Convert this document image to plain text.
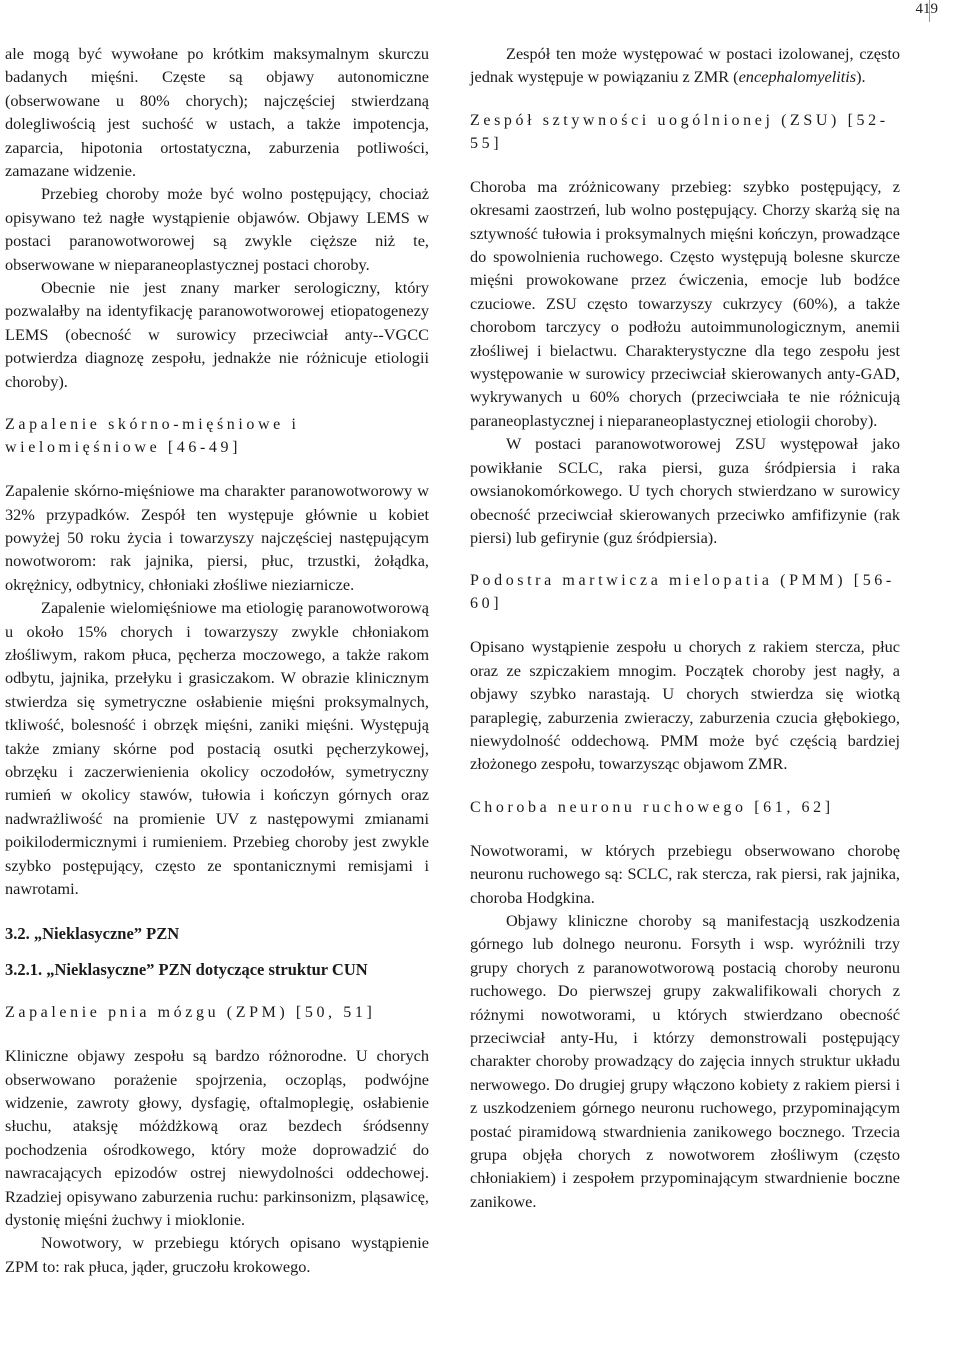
419

ale mogą być wywołane po krótkim maksymalnym skurczu badanych mięśni. Częste są objawy autonomiczne (obserwowane u 80% chorych); najczęściej stwierdzaną dolegliwością jest suchość w ustach, a także impotencja, zaparcia, hipotonia ortostatyczna, zaburzenia potliwości, zamazane widzenie.

Przebieg choroby może być wolno postępujący, chociaż opisywano też nagłe wystąpienie objawów. Objawy LEMS w postaci paranowotworowej są zwykle cięższe niż te, obserwowane w nieparaneoplastycznej postaci choroby.

Obecnie nie jest znany marker serologiczny, który pozwalałby na identyfikację paranowotworowej etiopatogenezy LEMS (obecność w surowicy przeciwciał anty--VGCC potwierdza diagnozę zespołu, jednakże nie różnicuje etiologii choroby).

Zapalenie skórno-mięśniowe i wielomięśniowe [46-49]

Zapalenie skórno-mięśniowe ma charakter paranowotworowy w 32% przypadków. Zespół ten występuje głównie u kobiet powyżej 50 roku życia i towarzyszy najczęściej następującym nowotworom: rak jajnika, piersi, płuc, trzustki, żołądka, okrężnicy, odbytnicy, chłoniaki złośliwe nieziarnicze.

Zapalenie wielomięśniowe ma etiologię paranowotworową u około 15% chorych i towarzyszy zwykle chłoniakom złośliwym, rakom płuca, pęcherza moczowego, a także rakom odbytu, jajnika, przełyku i grasiczakom. W obrazie klinicznym stwierdza się symetryczne osłabienie mięśni proksymalnych, tkliwość, bolesność i obrzęk mięśni, zaniki mięśni. Występują także zmiany skórne pod postacią osutki pęcherzykowej, obrzęku i zaczerwienienia okolicy oczodołów, symetryczny rumień w okolicy stawów, tułowia i kończyn górnych oraz nadwrażliwość na promienie UV z następowymi zmianami poikilodermicznymi i rumieniem. Przebieg choroby jest zwykle szybko postępujący, często ze spontanicznymi remisjami i nawrotami.

3.2. „Nieklasyczne” PZN
3.2.1. „Nieklasyczne” PZN dotyczące struktur CUN
Zapalenie pnia mózgu (ZPM) [50, 51]

Kliniczne objawy zespołu są bardzo różnorodne. U chorych obserwowano porażenie spojrzenia, oczopląs, podwójne widzenie, zawroty głowy, dysfagię, oftalmoplegię, osłabienie słuchu, ataksję móżdżkową oraz bezdech śródsenny pochodzenia ośrodkowego, który może doprowadzić do nawracających epizodów ostrej niewydolności oddechowej. Rzadziej opisywano zaburzenia ruchu: parkinsonizm, pląsawicę, dystonię mięśni żuchwy i mioklonie.

Nowotwory, w przebiegu których opisano wystąpienie ZPM to: rak płuca, jąder, gruczołu krokowego.

Zespół ten może występować w postaci izolowanej, często jednak występuje w powiązaniu z ZMR (encephalomyelitis).

Zespół sztywności uogólnionej (ZSU) [52-55]

Choroba ma zróżnicowany przebieg: szybko postępujący, z okresami zaostrzeń, lub wolno postępujący. Chorzy skarżą się na sztywność tułowia i proksymalnych mięśni kończyn, prowadzące do spowolnienia ruchowego. Często występują bolesne skurcze mięśni prowokowane przez ćwiczenia, emocje lub bodźce czuciowe. ZSU często towarzyszy cukrzycy (60%), a także chorobom tarczycy o podłożu autoimmunologicznym, anemii złośliwej i bielactwu. Charakterystyczne dla tego zespołu jest występowanie w surowicy przeciwciał skierowanych anty-GAD, wykrywanych u 60% chorych (przeciwciała te nie różnicują paraneoplastycznej i nieparaneoplastycznej etiologii choroby).

W postaci paranowotworowej ZSU występował jako powikłanie SCLC, raka piersi, guza śródpiersia i raka owsianokomórkowego. U tych chorych stwierdzano w surowicy obecność przeciwciał skierowanych przeciwko amfifizynie (rak piersi) lub gefirynie (guz śródpiersia).

Podostra martwicza mielopatia (PMM) [56-60]

Opisano wystąpienie zespołu u chorych z rakiem stercza, płuc oraz ze szpiczakiem mnogim. Początek choroby jest nagły, a objawy szybko narastają. U chorych stwierdza się wiotką paraplegię, zaburzenia zwieraczy, zaburzenia czucia głębokiego, niewydolność oddechową. PMM może być częścią bardziej złożonego zespołu, towarzysząc objawom ZMR.

Choroba neuronu ruchowego [61, 62]

Nowotworami, w których przebiegu obserwowano chorobę neuronu ruchowego są: SCLC, rak stercza, rak piersi, rak jajnika, choroba Hodgkina.

Objawy kliniczne choroby są manifestacją uszkodzenia górnego lub dolnego neuronu. Forsyth i wsp. wyróżnili trzy grupy chorych z paranowotworową postacią choroby neuronu ruchowego. Do pierwszej grupy zakwalifikowali chorych z różnymi nowotworami, u których stwierdzano obecność przeciwciał anty-Hu, i którzy demonstrowali postępujący charakter choroby prowadzący do zajęcia innych struktur układu nerwowego. Do drugiej grupy włączono kobiety z rakiem piersi i z uszkodzeniem górnego neuronu ruchowego, przypominającym postać piramidową stwardnienia zanikowego bocznego. Trzecia grupa objęła chorych z nowotworem złośliwym (często chłoniakiem) i zespołem przypominającym stwardnienie boczne zanikowe.
